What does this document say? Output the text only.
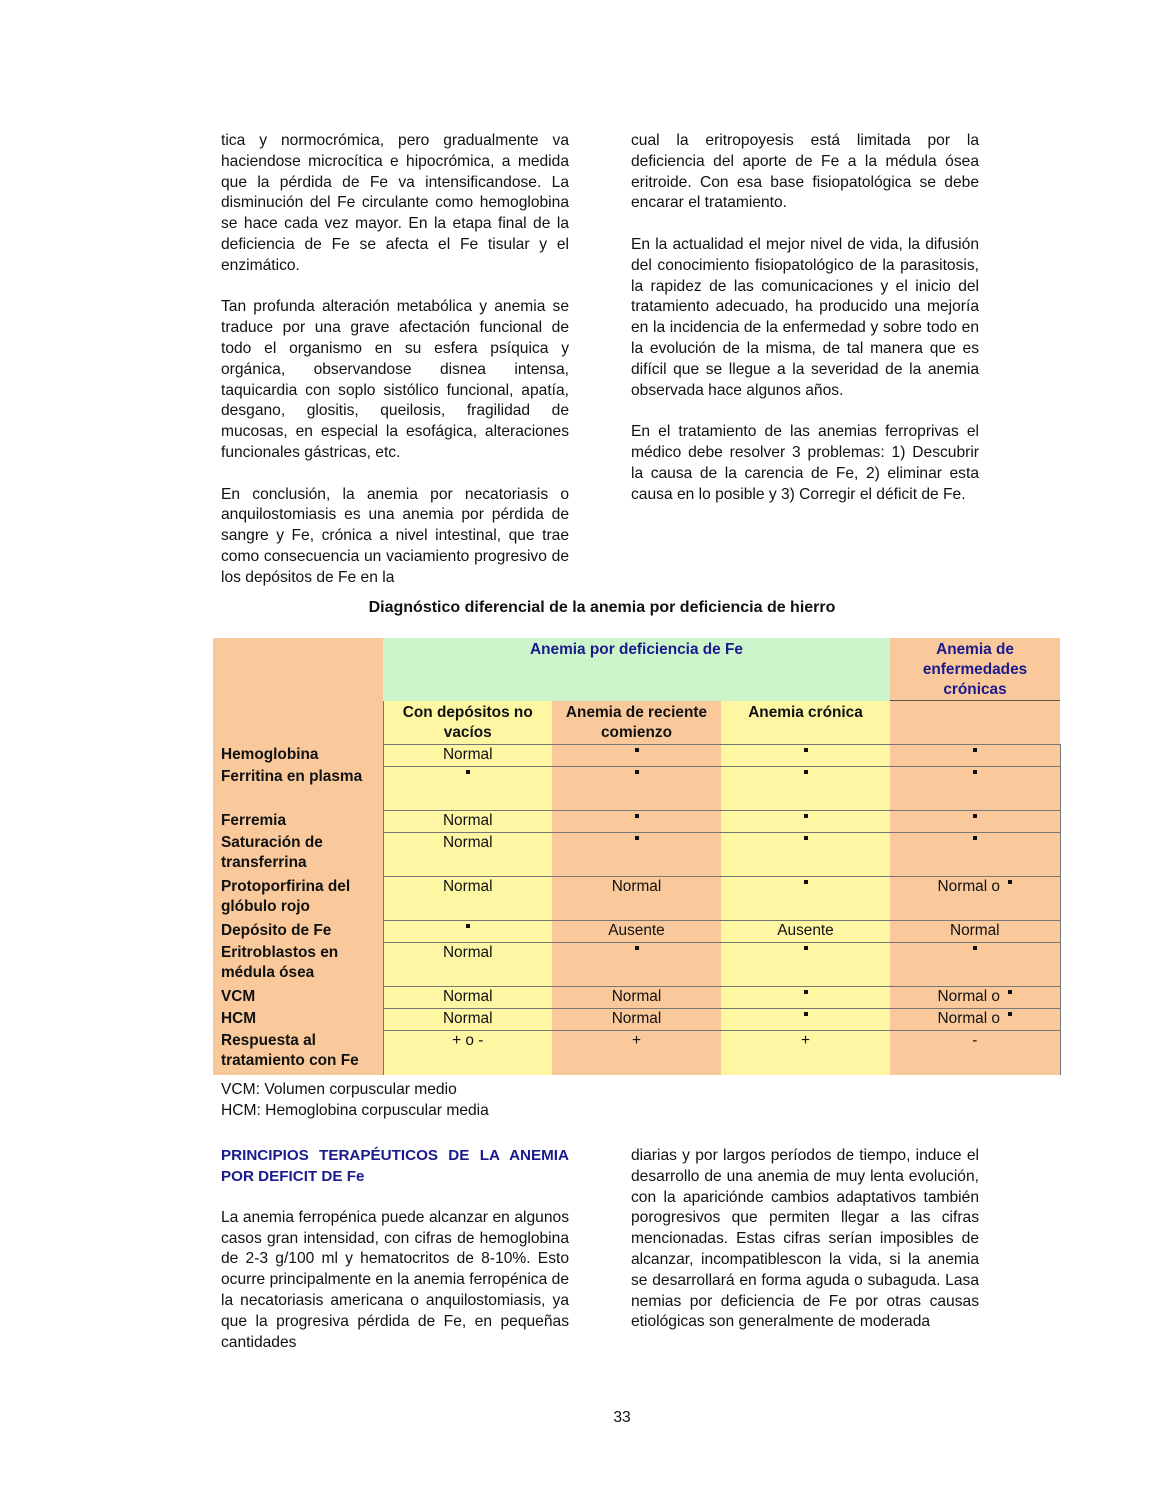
tica y normocrómica, pero gradualmente va haciendose microcítica e hipocrómica, a medida que la pérdida de Fe va intensificandose. La disminución del Fe circulante como hemoglobina se hace cada vez mayor. En la etapa final de la deficiencia de Fe se afecta el Fe tisular y el enzimático.

Tan profunda alteración metabólica y anemia se traduce por una grave afectación funcional de todo el organismo en su esfera psíquica y orgánica, observandose disnea intensa, taquicardia con soplo sistólico funcional, apatía, desgano, glositis, queilosis, fragilidad de mucosas, en especial la esofágica, alteraciones funcionales gástricas, etc.

En conclusión, la anemia por necatoriasis o anquilostomiasis es una anemia por pérdida de sangre y Fe, crónica a nivel intestinal, que trae como consecuencia un vaciamiento progresivo de los depósitos de Fe en la

cual la eritropoyesis está limitada por la deficiencia del aporte de Fe a la médula ósea eritroide. Con esa base fisiopatológica se debe encarar el tratamiento.

En la actualidad el mejor nivel de vida, la difusión del conocimiento fisiopatológico de la parasitosis, la rapidez de las comunicaciones y el inicio del tratamiento adecuado, ha producido una mejoría en la incidencia de la enfermedad y sobre todo en la evolución de la misma, de tal manera que es difícil que se llegue a la severidad de la anemia observada hace algunos años.

En el tratamiento de las anemias ferroprivas el médico debe resolver 3 problemas: 1) Descubrir la causa de la carencia de Fe, 2) eliminar esta causa en lo posible y 3) Corregir el déficit de Fe.

Diagnóstico diferencial de la anemia por deficiencia de hierro
	Anemia por deficiencia de Fe			Anemia de enfermedades crónicas
	Con depósitos no vacíos	Anemia de reciente comienzo	Anemia crónica	
Hemoglobina	Normal			
Ferritina en plasma				
Ferremia	Normal			
Saturación de transferrina	Normal			
Protoporfirina del glóbulo rojo	Normal	Normal		Normal o
Depósito de Fe		Ausente	Ausente	Normal
Eritroblastos en médula ósea	Normal			
VCM	Normal	Normal		Normal o
HCM	Normal	Normal		Normal o
Respuesta al tratamiento con Fe	+ o -	+	+	-
VCM: Volumen corpuscular medio
HCM: Hemoglobina corpuscular media
PRINCIPIOS TERAPÉUTICOS DE LA ANEMIA POR DEFICIT DE Fe

La anemia ferropénica puede alcanzar en algunos casos gran intensidad, con cifras de hemoglobina de 2-3 g/100 ml y hematocritos de 8-10%. Esto ocurre principalmente en la anemia ferropénica de la necatoriasis americana o anquilostomiasis, ya que la progresiva pérdida de Fe, en pequeñas cantidades

diarias y por largos períodos de tiempo, induce el desarrollo de una anemia de muy lenta evolución, con la apariciónde cambios adaptativos también porogresivos que permiten llegar a las cifras mencionadas. Estas cifras serían imposibles de alcanzar, incompatiblescon la vida, si la anemia se desarrollará en forma aguda o subaguda. Lasa nemias por deficiencia de Fe por otras causas etiológicas son generalmente de moderada

33
